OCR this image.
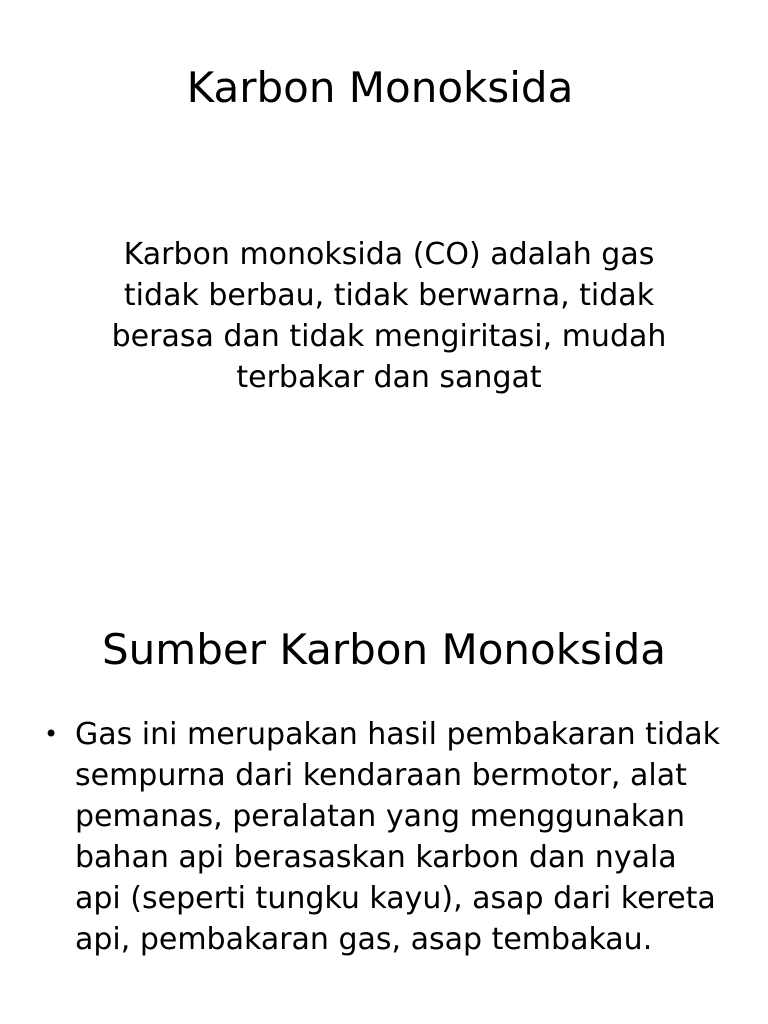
Karbon Monoksida

Karbon monoksida (CO) adalah gas tidak berbau, tidak berwarna, tidak berasa dan tidak mengiritasi, mudah terbakar dan sangat

Sumber Karbon Monoksida
• Gas ini merupakan hasil pembakaran tidak sempurna dari kendaraan bermotor, alat pemanas, peralatan yang menggunakan bahan api berasaskan karbon dan nyala api (seperti tungku kayu), asap dari kereta api, pembakaran gas, asap tembakau.
